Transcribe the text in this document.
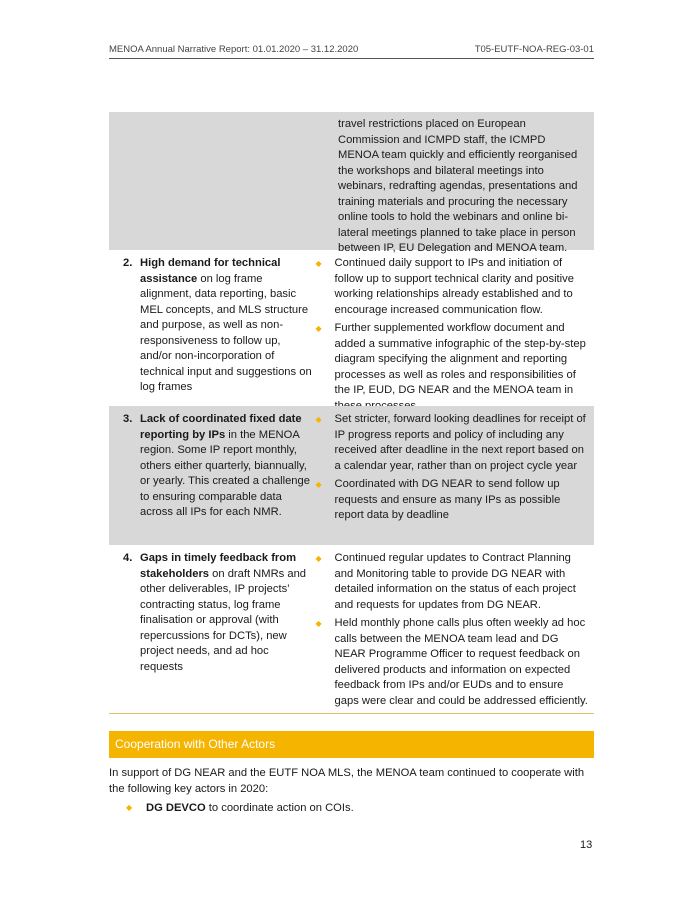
MENOA Annual Narrative Report: 01.01.2020 – 31.12.2020	T05-EUTF-NOA-REG-03-01
travel restrictions placed on European Commission and ICMPD staff, the ICMPD MENOA team quickly and efficiently reorganised the workshops and bilateral meetings into webinars, redrafting agendas, presentations and training materials and procuring the necessary online tools to hold the webinars and online bi-lateral meetings planned to take place in person between IP, EU Delegation and MENOA team.
2. High demand for technical assistance on log frame alignment, data reporting, basic MEL concepts, and MLS structure and purpose, as well as non-responsiveness to follow up, and/or non-incorporation of technical input and suggestions on log frames
◆	Continued daily support to IPs and initiation of follow up to support technical clarity and positive working relationships already established and to encourage increased communication flow.
◆	Further supplemented workflow document and added a summative infographic of the step-by-step diagram specifying the alignment and reporting processes as well as roles and responsibilities of the IP, EUD, DG NEAR and the MENOA team in
3. Lack of coordinated fixed date reporting by IPs in the MENOA region. Some IP report monthly, others either quarterly, biannually, or yearly. This created a challenge to ensuring comparable data across all IPs for each NMR.
◆	Set stricter, forward looking deadlines for receipt of IP progress reports and policy of including any received after deadline in the next report based on a calendar year, rather than on project cycle year
◆	Coordinated with DG NEAR to send follow up requests and ensure as many IPs as possible report data by deadline
4. Gaps in timely feedback from stakeholders on draft NMRs and other deliverables, IP projects’ contracting status, log frame finalisation or approval (with repercussions for DCTs), new project needs, and ad hoc requests
◆	Continued regular updates to Contract Planning and Monitoring table to provide DG NEAR with detailed information on the status of each project and requests for updates from DG NEAR.
◆	Held monthly phone calls plus often weekly ad hoc calls between the MENOA team lead and DG NEAR Programme Officer to request feedback on delivered products and information on expected feedback from IPs and/or EUDs and to ensure gaps were clear and could be addressed efficiently.
Cooperation with Other Actors
In support of DG NEAR and the EUTF NOA MLS, the MENOA team continued to cooperate with the following key actors in 2020:
◆	DG DEVCO to coordinate action on COIs.
13
